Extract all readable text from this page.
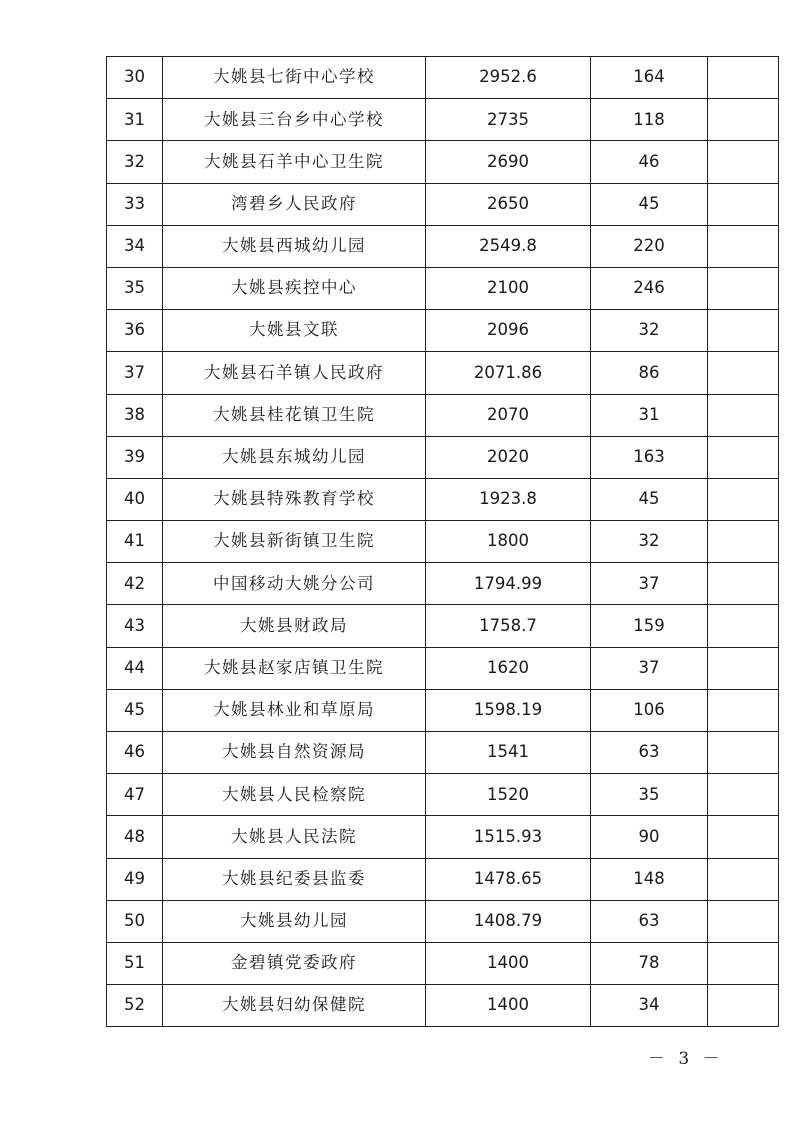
30	大姚县七街中心学校	2952.6	164	
31	大姚县三台乡中心学校	2735	118	
32	大姚县石羊中心卫生院	2690	46	
33	湾碧乡人民政府	2650	45	
34	大姚县西城幼儿园	2549.8	220	
35	大姚县疾控中心	2100	246	
36	大姚县文联	2096	32	
37	大姚县石羊镇人民政府	2071.86	86	
38	大姚县桂花镇卫生院	2070	31	
39	大姚县东城幼儿园	2020	163	
40	大姚县特殊教育学校	1923.8	45	
41	大姚县新街镇卫生院	1800	32	
42	中国移动大姚分公司	1794.99	37	
43	大姚县财政局	1758.7	159	
44	大姚县赵家店镇卫生院	1620	37	
45	大姚县林业和草原局	1598.19	106	
46	大姚县自然资源局	1541	63	
47	大姚县人民检察院	1520	35	
48	大姚县人民法院	1515.93	90	
49	大姚县纪委县监委	1478.65	148	
50	大姚县幼儿园	1408.79	63	
51	金碧镇党委政府	1400	78	
52	大姚县妇幼保健院	1400	34	
－ 3 －
